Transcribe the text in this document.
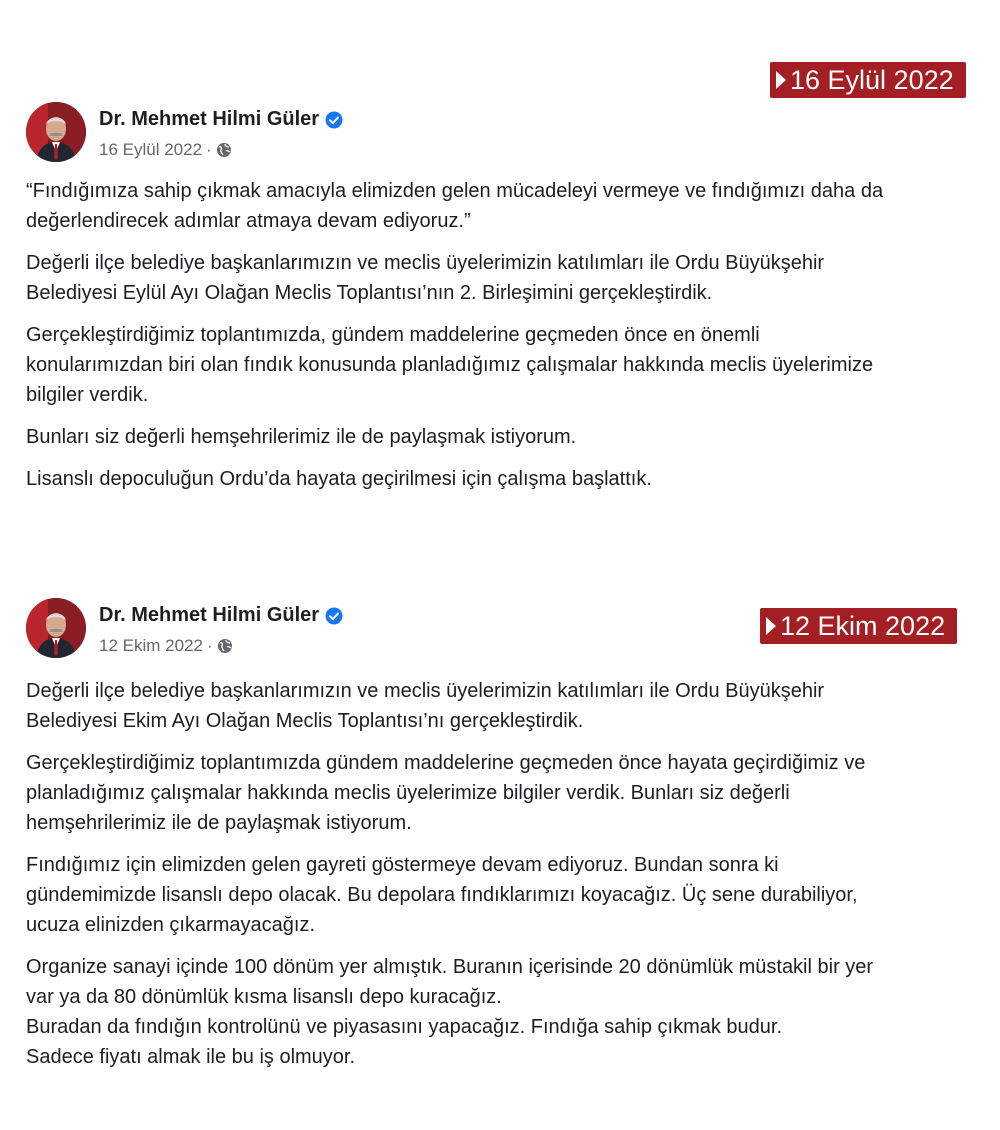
16 Eylül 2022
Dr. Mehmet Hilmi Güler
16 Eylül 2022 ·

“Fındığımıza sahip çıkmak amacıyla elimizden gelen mücadeleyi vermeye ve fındığımızı daha da
değerlendirecek adımlar atmaya devam ediyoruz.”

Değerli ilçe belediye başkanlarımızın ve meclis üyelerimizin katılımları ile Ordu Büyükşehir
Belediyesi Eylül Ayı Olağan Meclis Toplantısı’nın 2. Birleşimini gerçekleştirdik.

Gerçekleştirdiğimiz toplantımızda, gündem maddelerine geçmeden önce en önemli
konularımızdan biri olan fındık konusunda planladığımız çalışmalar hakkında meclis üyelerimize
bilgiler verdik.

Bunları siz değerli hemşehrilerimiz ile de paylaşmak istiyorum.

Lisanslı depoculuğun Ordu’da hayata geçirilmesi için çalışma başlattık.

12 Ekim 2022
Dr. Mehmet Hilmi Güler
12 Ekim 2022 ·

Değerli ilçe belediye başkanlarımızın ve meclis üyelerimizin katılımları ile Ordu Büyükşehir
Belediyesi Ekim Ayı Olağan Meclis Toplantısı’nı gerçekleştirdik.

Gerçekleştirdiğimiz toplantımızda gündem maddelerine geçmeden önce hayata geçirdiğimiz ve
planladığımız çalışmalar hakkında meclis üyelerimize bilgiler verdik. Bunları siz değerli
hemşehrilerimiz ile de paylaşmak istiyorum.

Fındığımız için elimizden gelen gayreti göstermeye devam ediyoruz. Bundan sonra ki
gündemimizde lisanslı depo olacak. Bu depolara fındıklarımızı koyacağız. Üç sene durabiliyor,
ucuza elinizden çıkarmayacağız.

Organize sanayi içinde 100 dönüm yer almıştık. Buranın içerisinde 20 dönümlük müstakil bir yer
var ya da 80 dönümlük kısma lisanslı depo kuracağız.
Buradan da fındığın kontrolünü ve piyasasını yapacağız. Fındığa sahip çıkmak budur.
Sadece fiyatı almak ile bu iş olmuyor.
